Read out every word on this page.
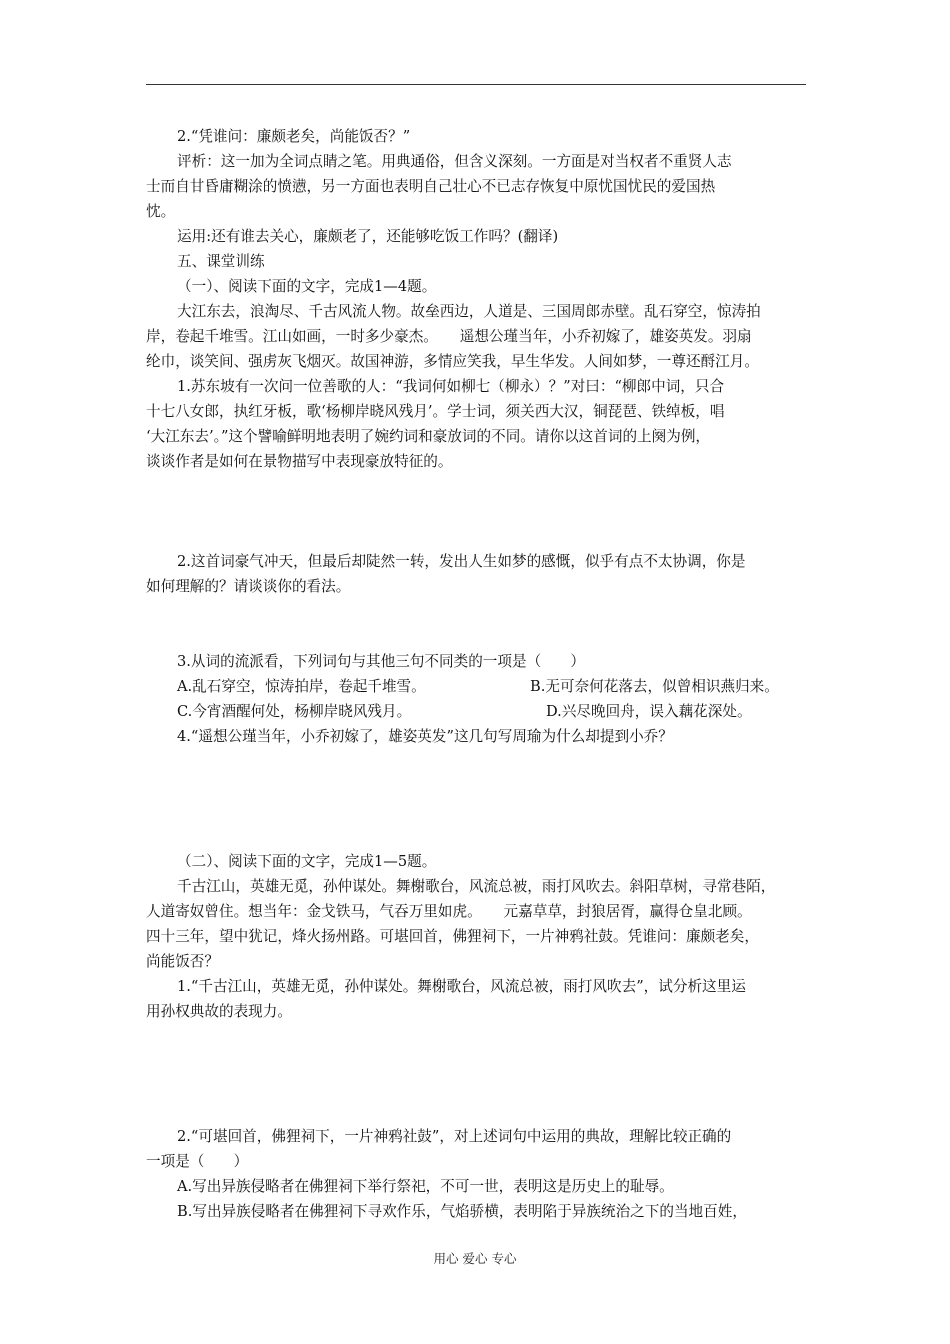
2.“凭谁问：廉颇老矣，尚能饭否？”
评析：这一加为全词点睛之笔。用典通俗，但含义深刻。一方面是对当权者不重贤人志
士而自甘昏庸糊涂的愤懑，另一方面也表明自己壮心不已志存恢复中原忧国忧民的爱国热
忱。
运用:还有谁去关心，廉颇老了，还能够吃饭工作吗？(翻译)
五、课堂训练
（一）、阅读下面的文字，完成1—4题。
大江东去，浪淘尽、千古风流人物。故垒西边，人道是、三国周郎赤壁。乱石穿空，惊涛拍
岸，卷起千堆雪。江山如画，一时多少豪杰。　　遥想公瑾当年，小乔初嫁了，雄姿英发。羽扇
纶巾，谈笑间、强虏灰飞烟灭。故国神游，多情应笑我，早生华发。人间如梦，一尊还酹江月。
1.苏东坡有一次问一位善歌的人：“我词何如柳七（柳永）？”对曰：“柳郎中词，只合
十七八女郎，执红牙板，歌‘杨柳岸晓风残月’。学士词，须关西大汉，铜琵琶、铁绰板，唱
‘大江东去’。”这个譬喻鲜明地表明了婉约词和豪放词的不同。请你以这首词的上阕为例，
谈谈作者是如何在景物描写中表现豪放特征的。
2.这首词豪气冲天，但最后却陡然一转，发出人生如梦的感慨，似乎有点不太协调，你是
如何理解的？请谈谈你的看法。
3.从词的流派看，下列词句与其他三句不同类的一项是（　　）
A.乱石穿空，惊涛拍岸，卷起千堆雪。	B.无可奈何花落去，似曾相识燕归来。
C.今宵酒醒何处，杨柳岸晓风残月。	D.兴尽晚回舟，误入藕花深处。
4.“遥想公瑾当年，小乔初嫁了，雄姿英发”这几句写周瑜为什么却提到小乔？
（二）、阅读下面的文字，完成1—5题。
千古江山，英雄无觅，孙仲谋处。舞榭歌台，风流总被，雨打风吹去。斜阳草树，寻常巷陌，
人道寄奴曾住。想当年：金戈铁马，气吞万里如虎。　　元嘉草草，封狼居胥，赢得仓皇北顾。
四十三年，望中犹记，烽火扬州路。可堪回首，佛狸祠下，一片神鸦社鼓。凭谁问：廉颇老矣，
尚能饭否？
1.“千古江山，英雄无觅，孙仲谋处。舞榭歌台，风流总被，雨打风吹去”，试分析这里运
用孙权典故的表现力。
2.“可堪回首，佛狸祠下，一片神鸦社鼓”，对上述词句中运用的典故，理解比较正确的
一项是（　　）
A.写出异族侵略者在佛狸祠下举行祭祀，不可一世，表明这是历史上的耻辱。
B.写出异族侵略者在佛狸祠下寻欢作乐，气焰骄横，表明陷于异族统治之下的当地百姓，
用心 爱心 专心
